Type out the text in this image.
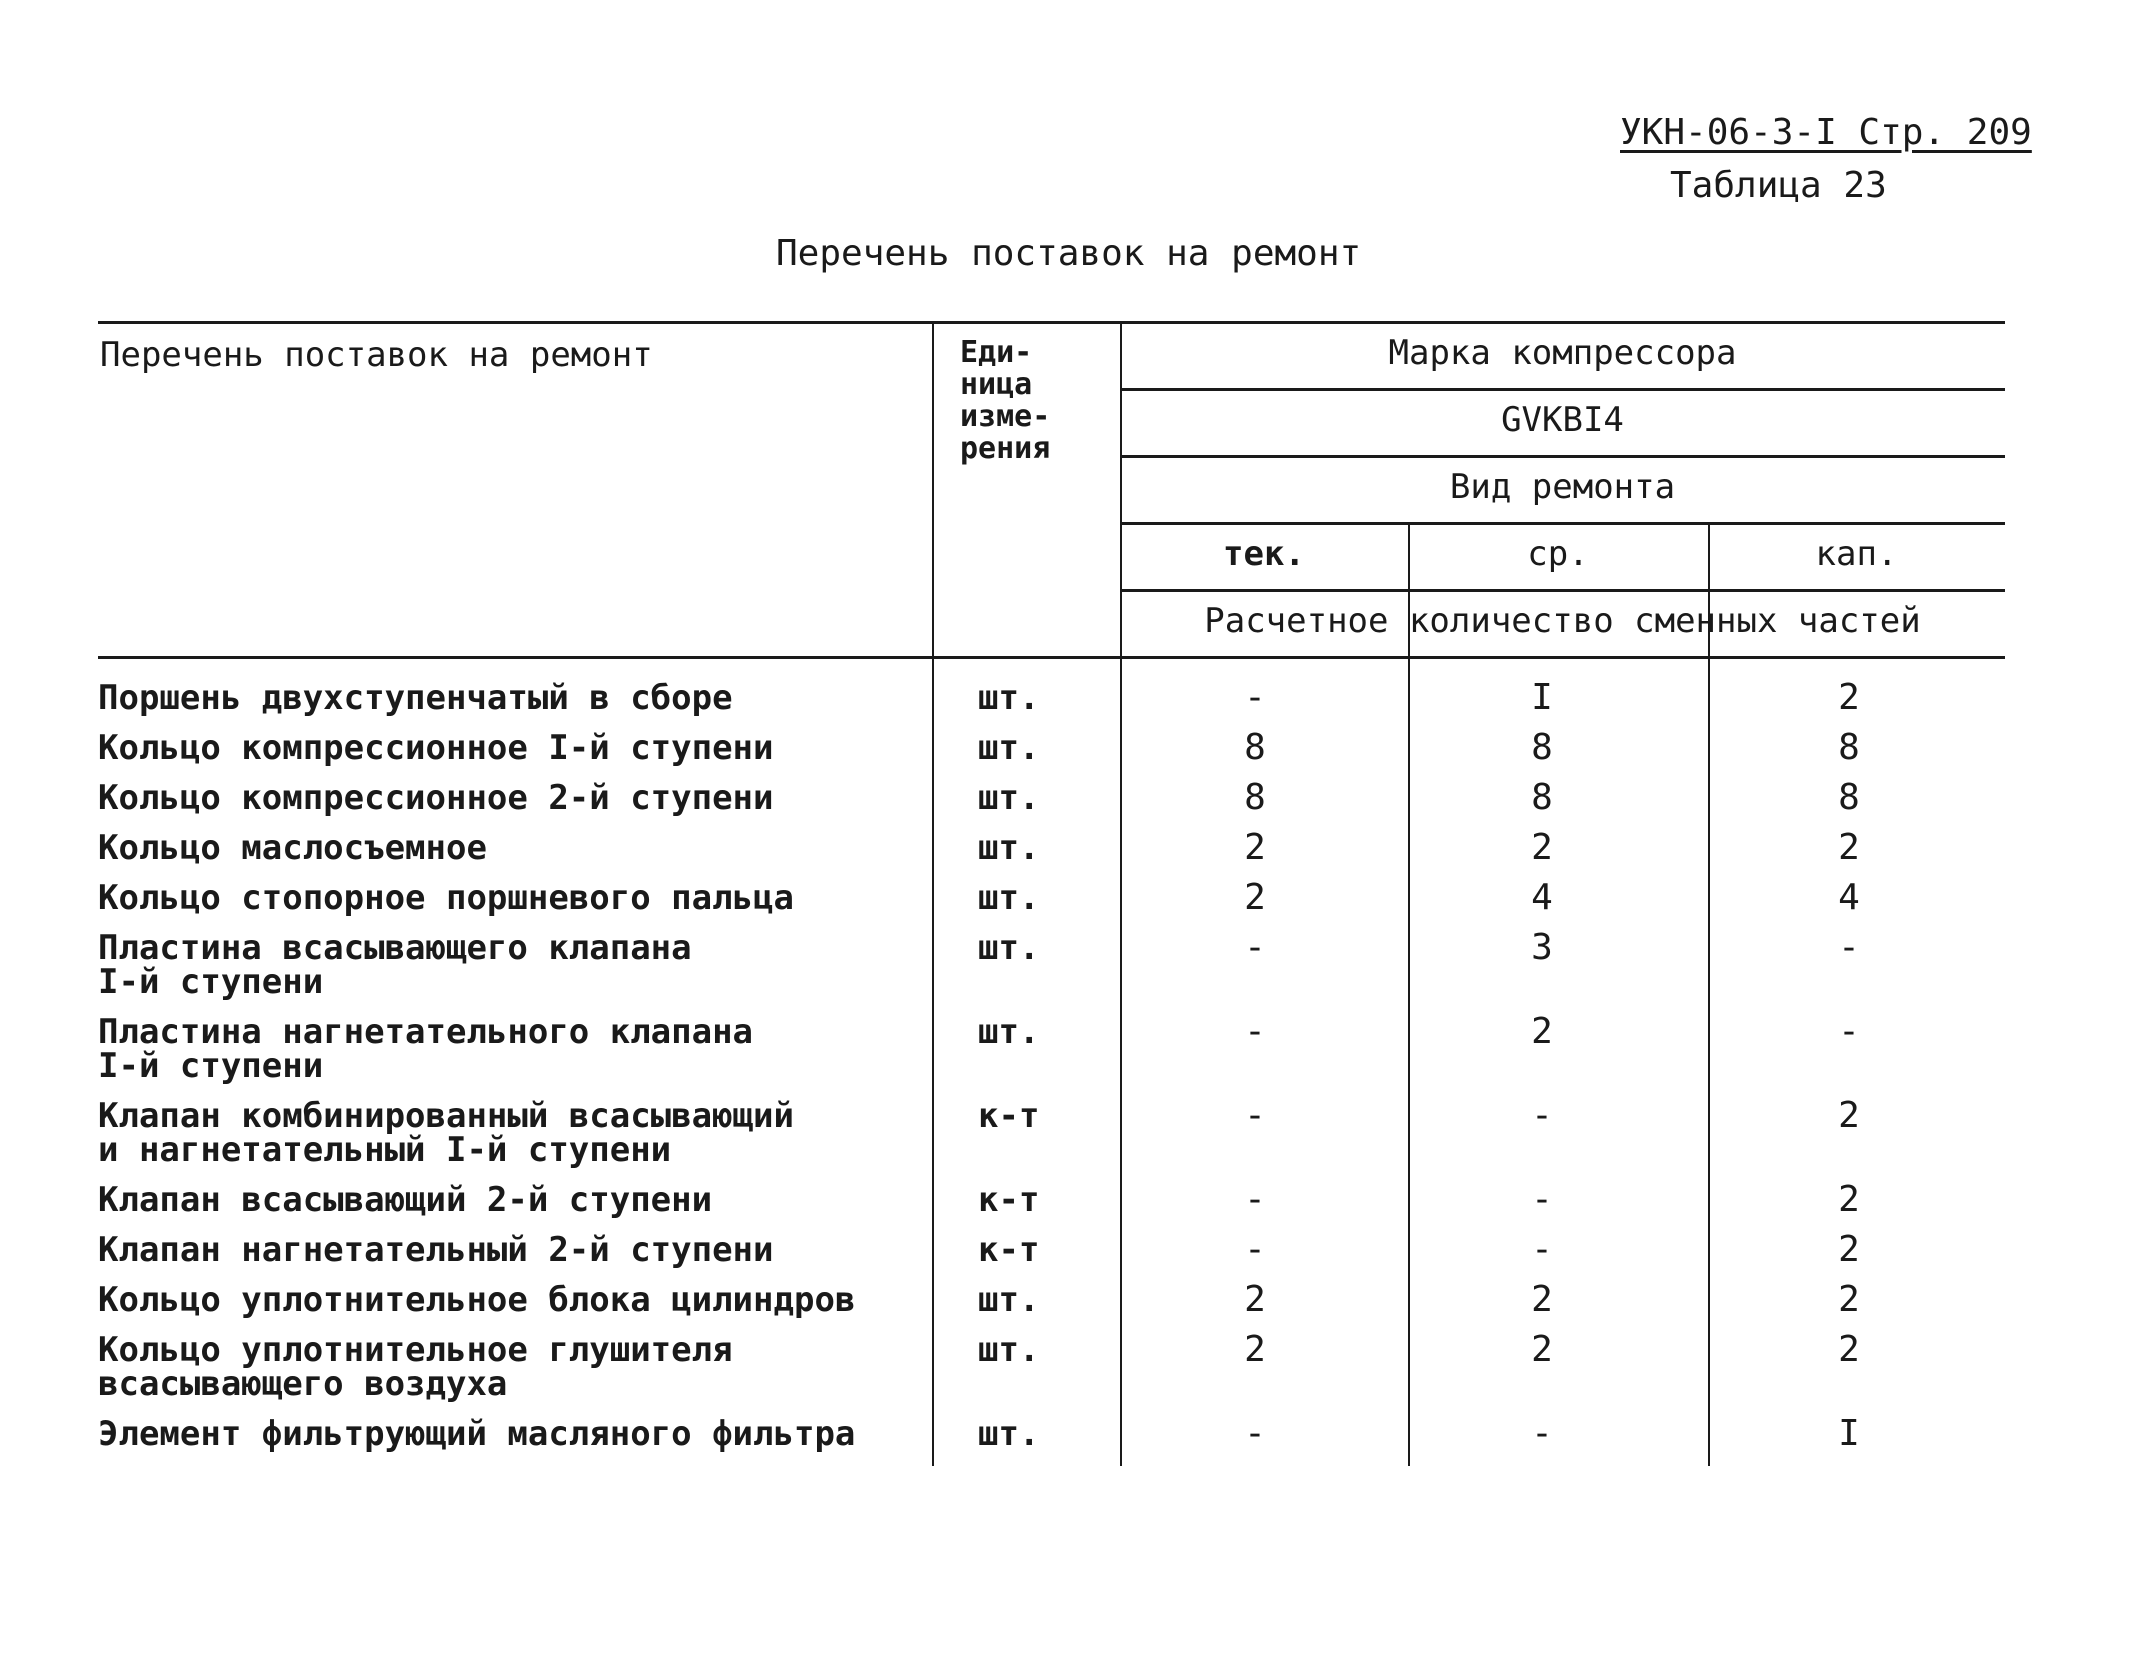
УКН-06-3-I Стр. 209
Таблица 23
Перечень поставок на ремонт
Перечень поставок на ремонт	Еди-
ница
изме-
рения
Марка компрессора
GVKBI4
Вид ремонта
тек.	ср.	кап.
Расчетное количество сменных частей
Поршень двухступенчатый в сборе	шт.	-	I	2
Кольцо компрессионное I-й ступени	шт.	8	8	8
Кольцо компрессионное 2-й ступени	шт.	8	8	8
Кольцо маслосъемное	шт.	2	2	2
Кольцо стопорное поршневого пальца	шт.	2	4	4
Пластина всасывающего клапана
I-й ступени
шт.	-	3	-
Пластина нагнетательного клапана
I-й ступени
шт.	-	2	-
Клапан комбинированный всасывающий
и нагнетательный I-й ступени
к-т	-	-	2
Клапан всасывающий 2-й ступени	к-т	-	-	2
Клапан нагнетательный 2-й ступени	к-т	-	-	2
Кольцо уплотнительное блока цилиндров	шт.	2	2	2
Кольцо уплотнительное глушителя
всасывающего воздуха
шт.	2	2	2
Элемент фильтрующий масляного фильтра	шт.	-	-	I
